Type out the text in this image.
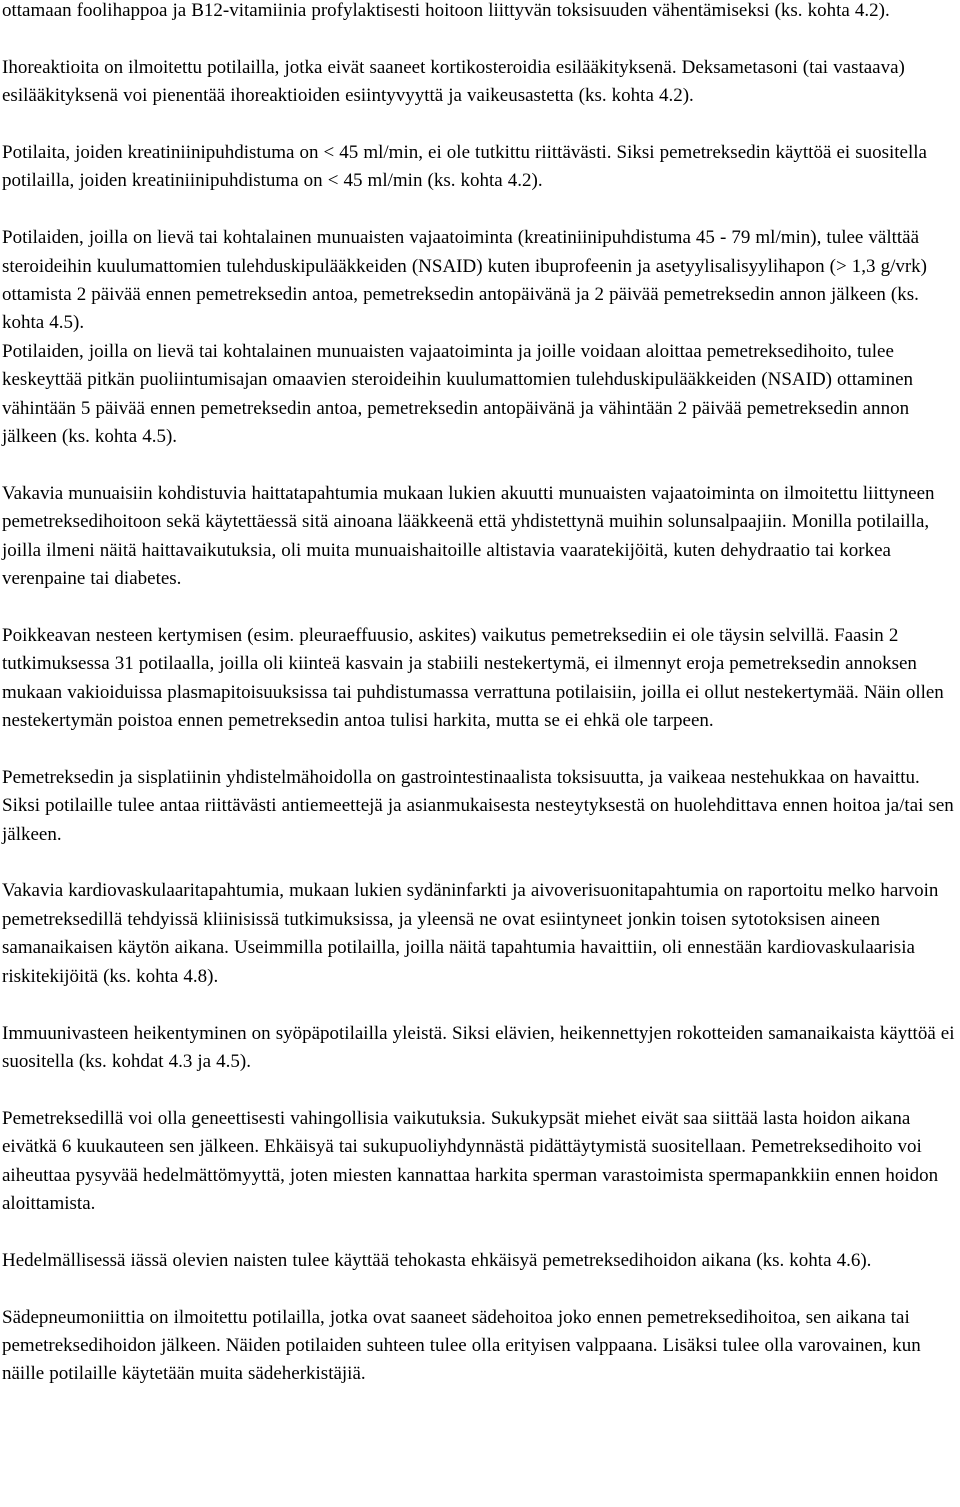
ottamaan foolihappoa ja B12-vitamiinia profylaktisesti hoitoon liittyvän toksisuuden vähentämiseksi (ks. kohta 4.2).

Ihoreaktioita on ilmoitettu potilailla, jotka eivät saaneet kortikosteroidia esilääkityksenä. Deksametasoni (tai vastaava) esilääkityksenä voi pienentää ihoreaktioiden esiintyvyyttä ja vaikeusastetta (ks. kohta 4.2).

Potilaita, joiden kreatiniinipuhdistuma on < 45 ml/min, ei ole tutkittu riittävästi. Siksi pemetreksedin käyttöä ei suositella potilailla, joiden kreatiniinipuhdistuma on < 45 ml/min (ks. kohta 4.2).

Potilaiden, joilla on lievä tai kohtalainen munuaisten vajaatoiminta (kreatiniinipuhdistuma 45 - 79 ml/min), tulee välttää steroideihin kuulumattomien tulehduskipulääkkeiden (NSAID) kuten ibuprofeenin ja asetyylisalisyylihapon (> 1,3 g/vrk) ottamista 2 päivää ennen pemetreksedin antoa, pemetreksedin antopäivänä ja 2 päivää pemetreksedin annon jälkeen (ks. kohta 4.5).

Potilaiden, joilla on lievä tai kohtalainen munuaisten vajaatoiminta ja joille voidaan aloittaa pemetreksedihoito, tulee keskeyttää pitkän puoliintumisajan omaavien steroideihin kuulumattomien tulehduskipulääkkeiden (NSAID) ottaminen vähintään 5 päivää ennen pemetreksedin antoa, pemetreksedin antopäivänä ja vähintään 2 päivää pemetreksedin annon jälkeen (ks. kohta 4.5).

Vakavia munuaisiin kohdistuvia haittatapahtumia mukaan lukien akuutti munuaisten vajaatoiminta on ilmoitettu liittyneen pemetreksedihoitoon sekä käytettäessä sitä ainoana lääkkeenä että yhdistettynä muihin solunsalpaajiin. Monilla potilailla, joilla ilmeni näitä haittavaikutuksia, oli muita munuaishaitoille altistavia vaaratekijöitä, kuten dehydraatio tai korkea verenpaine tai diabetes.

Poikkeavan nesteen kertymisen (esim. pleuraeffuusio, askites) vaikutus pemetreksediin ei ole täysin selvillä. Faasin 2 tutkimuksessa 31 potilaalla, joilla oli kiinteä kasvain ja stabiili nestekertymä, ei ilmennyt eroja pemetreksedin annoksen mukaan vakioiduissa plasmapitoisuuksissa tai puhdistumassa verrattuna potilaisiin, joilla ei ollut nestekertymää. Näin ollen nestekertymän poistoa ennen pemetreksedin antoa tulisi harkita, mutta se ei ehkä ole tarpeen.

Pemetreksedin ja sisplatiinin yhdistelmähoidolla on gastrointestinaalista toksisuutta, ja vaikeaa nestehukkaa on havaittu. Siksi potilaille tulee antaa riittävästi antiemeettejä ja asianmukaisesta nesteytyksestä on huolehdittava ennen hoitoa ja/tai sen jälkeen.

Vakavia kardiovaskulaaritapahtumia, mukaan lukien sydäninfarkti ja aivoverisuonitapahtumia on raportoitu melko harvoin pemetreksedillä tehdyissä kliinisissä tutkimuksissa, ja yleensä ne ovat esiintyneet jonkin toisen sytotoksisen aineen samanaikaisen käytön aikana. Useimmilla potilailla, joilla näitä tapahtumia havaittiin, oli ennestään kardiovaskulaarisia riskitekijöitä (ks. kohta 4.8).

Immuunivasteen heikentyminen on syöpäpotilailla yleistä. Siksi elävien, heikennettyjen rokotteiden samanaikaista käyttöä ei suositella (ks. kohdat 4.3 ja 4.5).

Pemetreksedillä voi olla geneettisesti vahingollisia vaikutuksia. Sukukypsät miehet eivät saa siittää lasta hoidon aikana eivätkä 6 kuukauteen sen jälkeen. Ehkäisyä tai sukupuoliyhdynnästä pidättäytymistä suositellaan. Pemetreksedihoito voi aiheuttaa pysyvää hedelmättömyyttä, joten miesten kannattaa harkita sperman varastoimista spermapankkiin ennen hoidon aloittamista.

Hedelmällisessä iässä olevien naisten tulee käyttää tehokasta ehkäisyä pemetreksedihoidon aikana (ks. kohta 4.6).

Sädepneumoniittia on ilmoitettu potilailla, jotka ovat saaneet sädehoitoa joko ennen pemetreksedihoitoa, sen aikana tai pemetreksedihoidon jälkeen. Näiden potilaiden suhteen tulee olla erityisen valppaana. Lisäksi tulee olla varovainen, kun näille potilaille käytetään muita sädeherkistäjiä.
